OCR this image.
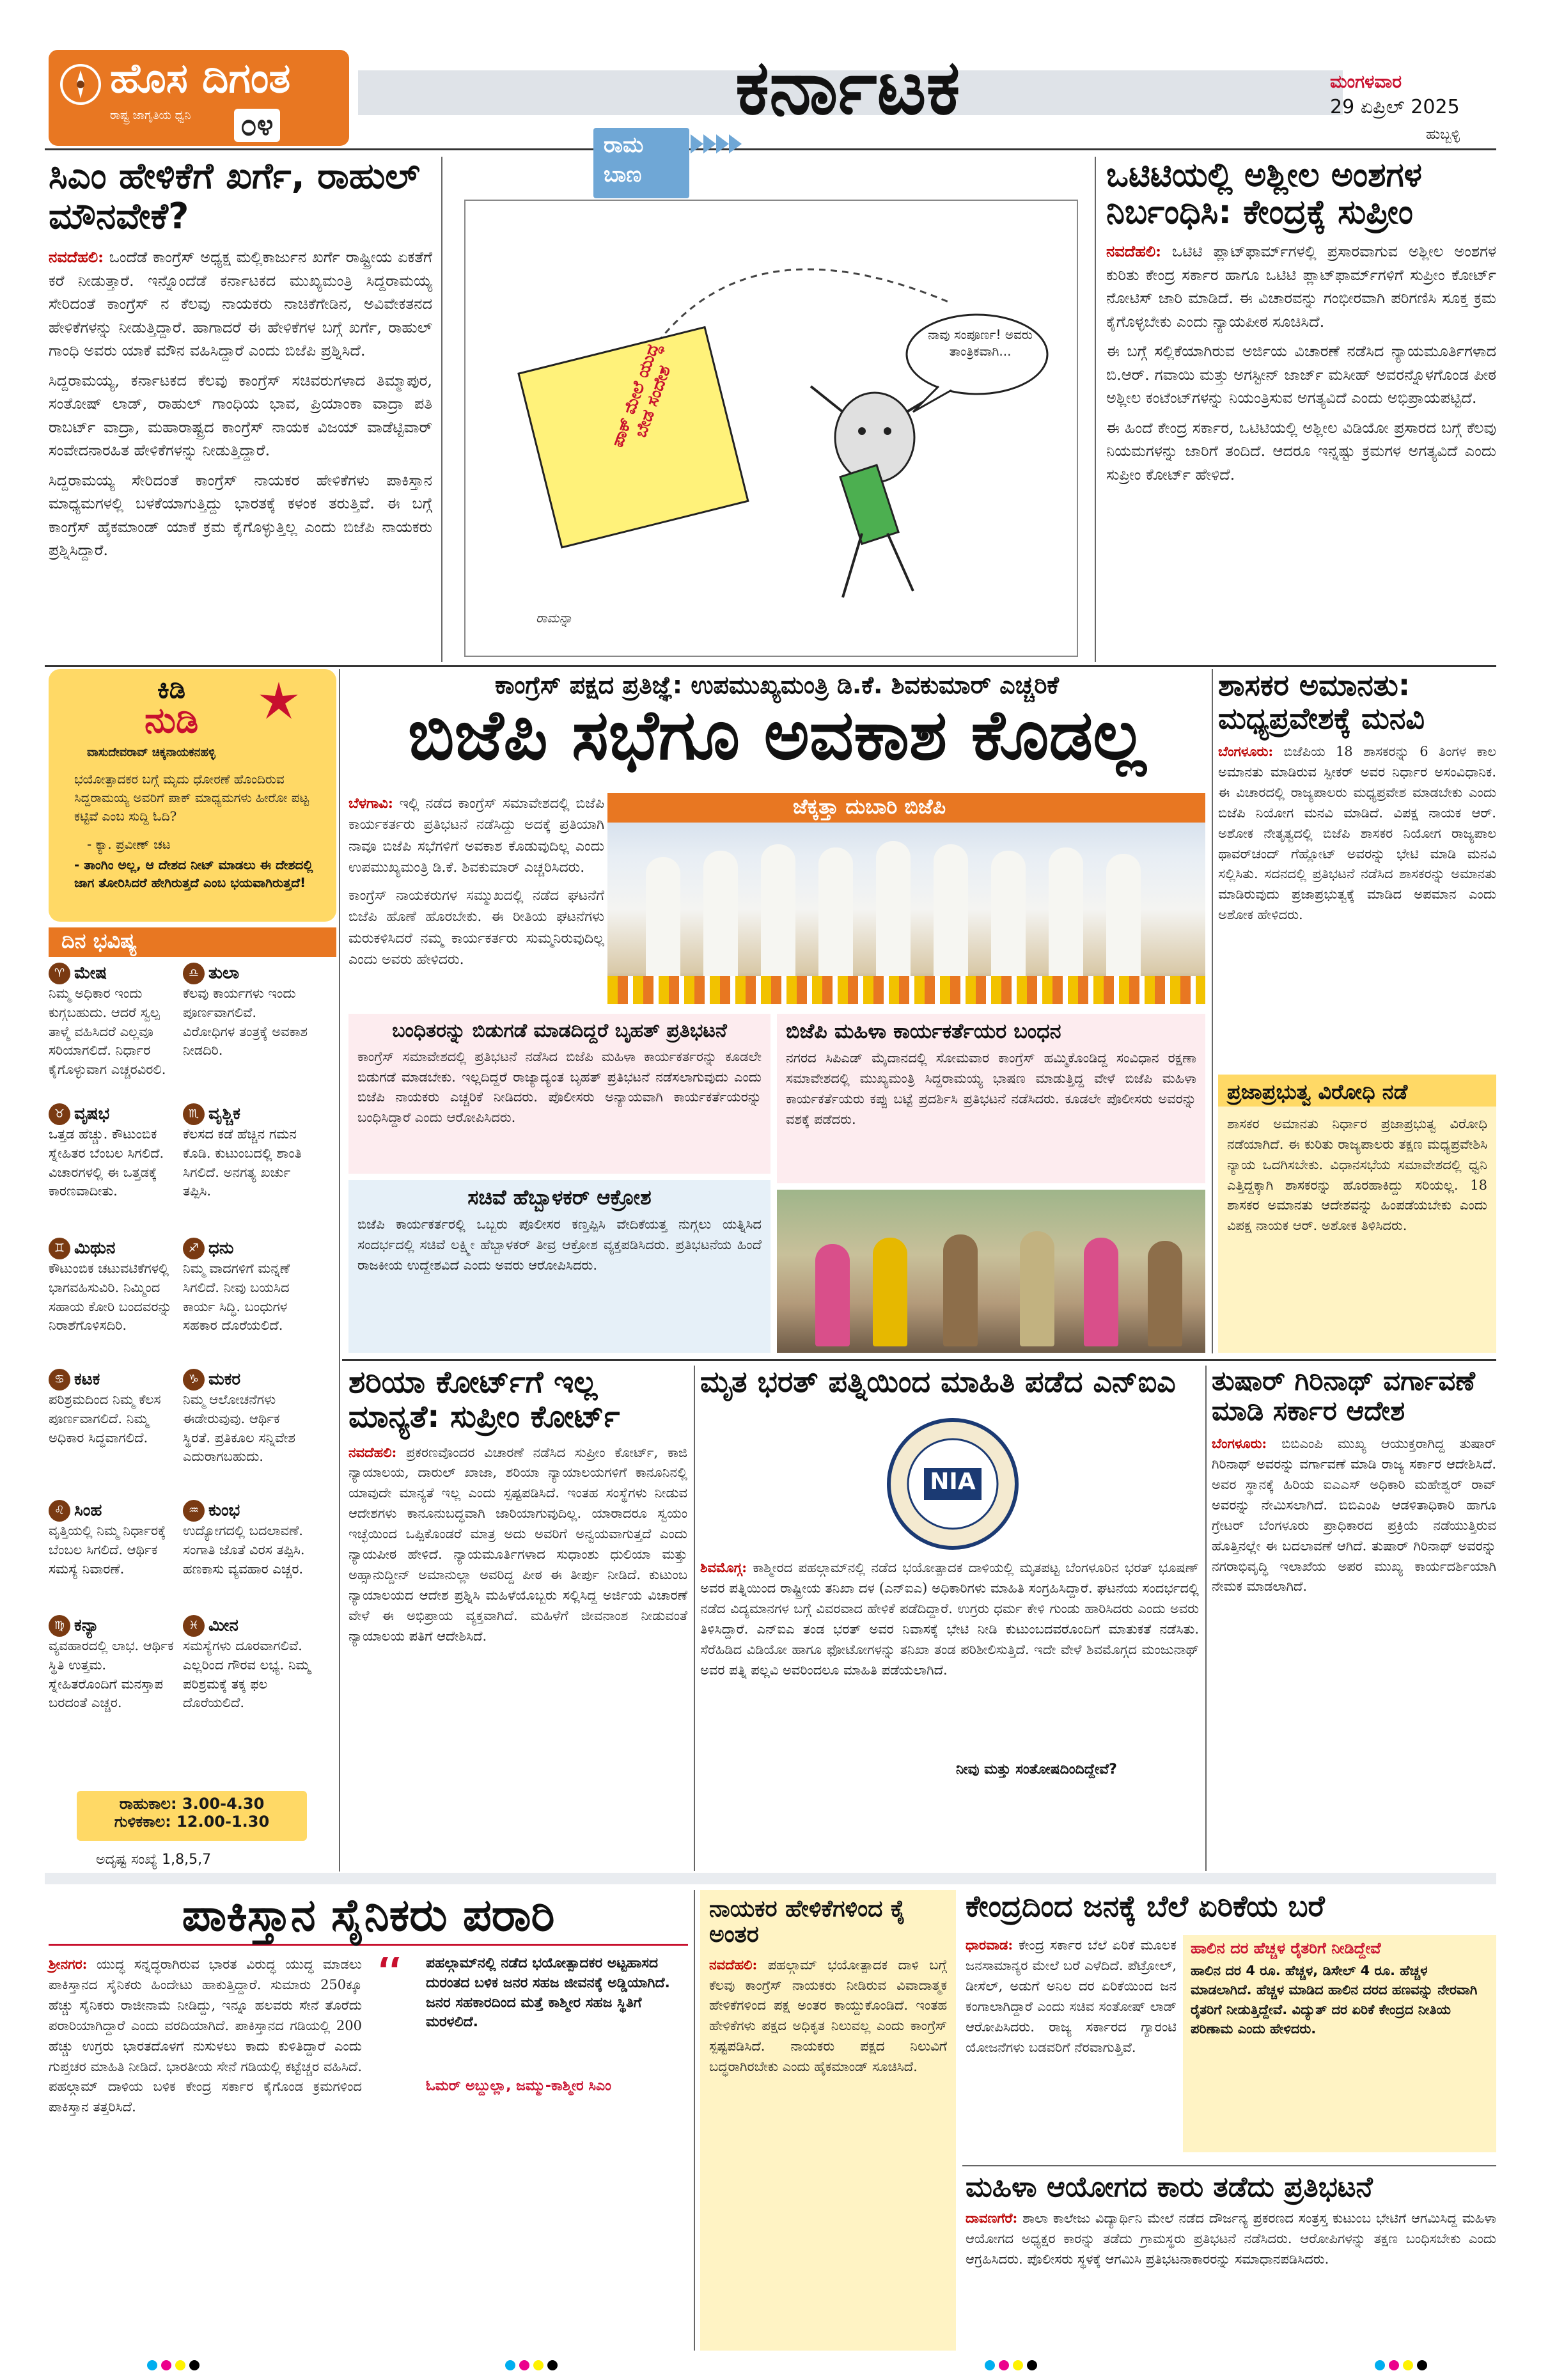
ಹೊಸ ದಿಗಂತ
ರಾಷ್ಟ್ರ ಜಾಗೃತಿಯ ಧ್ವನಿ ೦೪	ಕರ್ನಾಟಕ	ಮಂಗಳವಾರ
29 ಏಪ್ರಿಲ್ 2025
ಹುಬ್ಬಳ್ಳಿ
ಸಿಎಂ ಹೇಳಿಕೆಗೆ ಖರ್ಗೆ, ರಾಹುಲ್ ಮೌನವೇಕೆ?

ನವದೆಹಲಿ: ಒಂದೆಡೆ ಕಾಂಗ್ರೆಸ್ ಅಧ್ಯಕ್ಷ ಮಲ್ಲಿಕಾರ್ಜುನ ಖರ್ಗೆ ರಾಷ್ಟ್ರೀಯ ಏಕತೆಗೆ ಕರೆ ನೀಡುತ್ತಾರೆ. ಇನ್ನೊಂದೆಡೆ ಕರ್ನಾಟಕದ ಮುಖ್ಯಮಂತ್ರಿ ಸಿದ್ದರಾಮಯ್ಯ ಸೇರಿದಂತೆ ಕಾಂಗ್ರೆಸ್ ನ ಕೆಲವು ನಾಯಕರು ನಾಚಿಕೆಗೇಡಿನ, ಅವಿವೇಕತನದ ಹೇಳಿಕೆಗಳನ್ನು ನೀಡುತ್ತಿದ್ದಾರೆ. ಹಾಗಾದರೆ ಈ ಹೇಳಿಕೆಗಳ ಬಗ್ಗೆ ಖರ್ಗೆ, ರಾಹುಲ್ ಗಾಂಧಿ ಅವರು ಯಾಕೆ ಮೌನ ವಹಿಸಿದ್ದಾರೆ ಎಂದು ಬಿಜೆಪಿ ಪ್ರಶ್ನಿಸಿದೆ.

ಸಿದ್ದರಾಮಯ್ಯ, ಕರ್ನಾಟಕದ ಕೆಲವು ಕಾಂಗ್ರೆಸ್ ಸಚಿವರುಗಳಾದ ತಿಮ್ಮಾಪುರ, ಸಂತೋಷ್ ಲಾಡ್, ರಾಹುಲ್ ಗಾಂಧಿಯ ಭಾವ, ಪ್ರಿಯಾಂಕಾ ವಾದ್ರಾ ಪತಿ ರಾಬರ್ಟ್ ವಾದ್ರಾ, ಮಹಾರಾಷ್ಟ್ರದ ಕಾಂಗ್ರೆಸ್ ನಾಯಕ ವಿಜಯ್ ವಾಡೆಟ್ಟಿವಾರ್ ಸಂವೇದನಾರಹಿತ ಹೇಳಿಕೆಗಳನ್ನು ನೀಡುತ್ತಿದ್ದಾರೆ.

ಸಿದ್ದರಾಮಯ್ಯ ಸೇರಿದಂತೆ ಕಾಂಗ್ರೆಸ್ ನಾಯಕರ ಹೇಳಿಕೆಗಳು ಪಾಕಿಸ್ತಾನ ಮಾಧ್ಯಮಗಳಲ್ಲಿ ಬಳಕೆಯಾಗುತ್ತಿದ್ದು ಭಾರತಕ್ಕೆ ಕಳಂಕ ತರುತ್ತಿವೆ. ಈ ಬಗ್ಗೆ ಕಾಂಗ್ರೆಸ್ ಹೈಕಮಾಂಡ್ ಯಾಕೆ ಕ್ರಮ ಕೈಗೊಳ್ಳುತ್ತಿಲ್ಲ ಎಂದು ಬಿಜೆಪಿ ನಾಯಕರು ಪ್ರಶ್ನಿಸಿದ್ದಾರೆ.

ರಾಮ
ಬಾಣ
ಪಾಕ್ ಮೇಲೆ ಯುದ್ಧ ಬೇಡ ಸಂದೇಶ
ನಾವು ಸಂಪೂರ್ಣ! ಅವರು ತಾಂತ್ರಿಕವಾಗಿ...
ರಾಮನ್ನಾ
ಒಟಿಟಿಯಲ್ಲಿ ಅಶ್ಲೀಲ ಅಂಶಗಳ ನಿರ್ಬಂಧಿಸಿ: ಕೇಂದ್ರಕ್ಕೆ ಸುಪ್ರೀಂ

ನವದೆಹಲಿ: ಒಟಿಟಿ ಪ್ಲಾಟ್‌ಫಾರ್ಮ್‌ಗಳಲ್ಲಿ ಪ್ರಸಾರವಾಗುವ ಅಶ್ಲೀಲ ಅಂಶಗಳ ಕುರಿತು ಕೇಂದ್ರ ಸರ್ಕಾರ ಹಾಗೂ ಒಟಿಟಿ ಪ್ಲಾಟ್‌ಫಾರ್ಮ್‌ಗಳಿಗೆ ಸುಪ್ರೀಂ ಕೋರ್ಟ್ ನೋಟಿಸ್ ಜಾರಿ ಮಾಡಿದೆ. ಈ ವಿಚಾರವನ್ನು ಗಂಭೀರವಾಗಿ ಪರಿಗಣಿಸಿ ಸೂಕ್ತ ಕ್ರಮ ಕೈಗೊಳ್ಳಬೇಕು ಎಂದು ನ್ಯಾಯಪೀಠ ಸೂಚಿಸಿದೆ.

ಈ ಬಗ್ಗೆ ಸಲ್ಲಿಕೆಯಾಗಿರುವ ಅರ್ಜಿಯ ವಿಚಾರಣೆ ನಡೆಸಿದ ನ್ಯಾಯಮೂರ್ತಿಗಳಾದ ಬಿ.ಆರ್. ಗವಾಯಿ ಮತ್ತು ಅಗಸ್ಟೀನ್ ಜಾರ್ಜ್ ಮಸೀಹ್ ಅವರನ್ನೊಳಗೊಂಡ ಪೀಠ ಅಶ್ಲೀಲ ಕಂಟೆಂಟ್‌ಗಳನ್ನು ನಿಯಂತ್ರಿಸುವ ಅಗತ್ಯವಿದೆ ಎಂದು ಅಭಿಪ್ರಾಯಪಟ್ಟಿದೆ.

ಈ ಹಿಂದೆ ಕೇಂದ್ರ ಸರ್ಕಾರ, ಒಟಿಟಿಯಲ್ಲಿ ಅಶ್ಲೀಲ ವಿಡಿಯೋ ಪ್ರಸಾರದ ಬಗ್ಗೆ ಕೆಲವು ನಿಯಮಗಳನ್ನು ಜಾರಿಗೆ ತಂದಿದೆ. ಆದರೂ ಇನ್ನಷ್ಟು ಕ್ರಮಗಳ ಅಗತ್ಯವಿದೆ ಎಂದು ಸುಪ್ರೀಂ ಕೋರ್ಟ್ ಹೇಳಿದೆ.

ಕಿಡಿ
ನುಡಿ
ವಾಸುದೇವರಾವ್ ಚಿಕ್ಕನಾಯಕನಹಳ್ಳಿ
ಭಯೋತ್ಪಾದಕರ ಬಗ್ಗೆ ಮೃದು ಧೋರಣೆ ಹೊಂದಿರುವ ಸಿದ್ದರಾಮಯ್ಯ ಅವರಿಗೆ ಪಾಕ್ ಮಾಧ್ಯಮಗಳು ಹೀರೋ ಪಟ್ಟ ಕಟ್ಟಿವೆ ಎಂಬ ಸುದ್ದಿ ಓದಿ?
- ಕ್ಯಾ. ಪ್ರವೀಣ್ ಚಟ
- ತಾಂಗಿಂ ಅಲ್ಲ, ಆ ದೇಶದ ನೀಟ್ ಮಾಡಲು ಈ ದೇಶದಲ್ಲಿ ಜಾಗ ತೋರಿಸಿದರೆ ಹೇಗಿರುತ್ತದೆ ಎಂಬ ಭಯವಾಗಿರುತ್ತದೆ!
ದಿನ ಭವಿಷ್ಯ
♈ ಮೇಷ
ನಿಮ್ಮ ಅಧಿಕಾರ ಇಂದು ಕುಗ್ಗಬಹುದು. ಆದರೆ ಸ್ವಲ್ಪ ತಾಳ್ಮೆ ವಹಿಸಿದರೆ ಎಲ್ಲವೂ ಸರಿಯಾಗಲಿದೆ. ನಿರ್ಧಾರ ಕೈಗೊಳ್ಳುವಾಗ ಎಚ್ಚರವಿರಲಿ.
♎ ತುಲಾ
ಕೆಲವು ಕಾರ್ಯಗಳು ಇಂದು ಪೂರ್ಣವಾಗಲಿವೆ. ವಿರೋಧಿಗಳ ತಂತ್ರಕ್ಕೆ ಅವಕಾಶ ನೀಡದಿರಿ.
♉ ವೃಷಭ
ಒತ್ತಡ ಹೆಚ್ಚು. ಕೌಟುಂಬಿಕ ಸ್ನೇಹಿತರ ಬೆಂಬಲ ಸಿಗಲಿದೆ. ವಿಚಾರಗಳಲ್ಲಿ ಈ ಒತ್ತಡಕ್ಕೆ ಕಾರಣವಾದೀತು.
♏ ವೃಶ್ಚಿಕ
ಕೆಲಸದ ಕಡೆ ಹೆಚ್ಚಿನ ಗಮನ ಕೊಡಿ. ಕುಟುಂಬದಲ್ಲಿ ಶಾಂತಿ ಸಿಗಲಿದೆ. ಅನಗತ್ಯ ಖರ್ಚು ತಪ್ಪಿಸಿ.
♊ ಮಿಥುನ
ಕೌಟುಂಬಿಕ ಚಟುವಟಿಕೆಗಳಲ್ಲಿ ಭಾಗವಹಿಸುವಿರಿ. ನಿಮ್ಮಿಂದ ಸಹಾಯ ಕೋರಿ ಬಂದವರನ್ನು ನಿರಾಶೆಗೊಳಿಸದಿರಿ.
♐ ಧನು
ನಿಮ್ಮ ವಾದಗಳಿಗೆ ಮನ್ನಣೆ ಸಿಗಲಿದೆ. ನೀವು ಬಯಸಿದ ಕಾರ್ಯ ಸಿದ್ಧಿ. ಬಂಧುಗಳ ಸಹಕಾರ ದೊರೆಯಲಿದೆ.
♋ ಕಟಕ
ಪರಿಶ್ರಮದಿಂದ ನಿಮ್ಮ ಕೆಲಸ ಪೂರ್ಣವಾಗಲಿದೆ. ನಿಮ್ಮ ಅಧಿಕಾರ ಸಿದ್ಧವಾಗಲಿದೆ.
♑ ಮಕರ
ನಿಮ್ಮ ಆಲೋಚನೆಗಳು ಈಡೇರುವುವು. ಆರ್ಥಿಕ ಸ್ಥಿರತೆ. ಪ್ರತಿಕೂಲ ಸನ್ನಿವೇಶ ಎದುರಾಗಬಹುದು.
♌ ಸಿಂಹ
ವೃತ್ತಿಯಲ್ಲಿ ನಿಮ್ಮ ನಿರ್ಧಾರಕ್ಕೆ ಬೆಂಬಲ ಸಿಗಲಿದೆ. ಆರ್ಥಿಕ ಸಮಸ್ಯೆ ನಿವಾರಣೆ.
♒ ಕುಂಭ
ಉದ್ಯೋಗದಲ್ಲಿ ಬದಲಾವಣೆ. ಸಂಗಾತಿ ಜೊತೆ ವಿರಸ ತಪ್ಪಿಸಿ. ಹಣಕಾಸು ವ್ಯವಹಾರ ಎಚ್ಚರ.
♍ ಕನ್ಯಾ
ವ್ಯವಹಾರದಲ್ಲಿ ಲಾಭ. ಆರ್ಥಿಕ ಸ್ಥಿತಿ ಉತ್ತಮ. ಸ್ನೇಹಿತರೊಂದಿಗೆ ಮನಸ್ತಾಪ ಬರದಂತೆ ಎಚ್ಚರ.
♓ ಮೀನ
ಸಮಸ್ಯೆಗಳು ದೂರವಾಗಲಿವೆ. ಎಲ್ಲರಿಂದ ಗೌರವ ಲಭ್ಯ. ನಿಮ್ಮ ಪರಿಶ್ರಮಕ್ಕೆ ತಕ್ಕ ಫಲ ದೊರೆಯಲಿದೆ.
ರಾಹುಕಾಲ: 3.00-4.30
ಗುಳಿಕಕಾಲ: 12.00-1.30
ಅದೃಷ್ಟ ಸಂಖ್ಯೆ 1,8,5,7
ಕಾಂಗ್ರೆಸ್ ಪಕ್ಷದ ಪ್ರತಿಜ್ಞೆ: ಉಪಮುಖ್ಯಮಂತ್ರಿ ಡಿ.ಕೆ. ಶಿವಕುಮಾರ್ ಎಚ್ಚರಿಕೆ
ಬಿಜೆಪಿ ಸಭೆಗೂ ಅವಕಾಶ ಕೊಡಲ್ಲ

ಬೆಳಗಾವಿ: ಇಲ್ಲಿ ನಡೆದ ಕಾಂಗ್ರೆಸ್ ಸಮಾವೇಶದಲ್ಲಿ ಬಿಜೆಪಿ ಕಾರ್ಯಕರ್ತರು ಪ್ರತಿಭಟನೆ ನಡೆಸಿದ್ದು ಅದಕ್ಕೆ ಪ್ರತಿಯಾಗಿ ನಾವೂ ಬಿಜೆಪಿ ಸಭೆಗಳಿಗೆ ಅವಕಾಶ ಕೊಡುವುದಿಲ್ಲ ಎಂದು ಉಪಮುಖ್ಯಮಂತ್ರಿ ಡಿ.ಕೆ. ಶಿವಕುಮಾರ್ ಎಚ್ಚರಿಸಿದರು.

ಕಾಂಗ್ರೆಸ್ ನಾಯಕರುಗಳ ಸಮ್ಮುಖದಲ್ಲಿ ನಡೆದ ಘಟನೆಗೆ ಬಿಜೆಪಿ ಹೊಣೆ ಹೊರಬೇಕು. ಈ ರೀತಿಯ ಘಟನೆಗಳು ಮರುಕಳಿಸಿದರೆ ನಮ್ಮ ಕಾರ್ಯಕರ್ತರು ಸುಮ್ಮನಿರುವುದಿಲ್ಲ ಎಂದು ಅವರು ಹೇಳಿದರು.

ಜೆಕ್ಕತ್ತಾ ದುಬಾರಿ ಬಿಜೆಪಿ
ಬಂಧಿತರನ್ನು ಬಿಡುಗಡೆ ಮಾಡದಿದ್ದರೆ ಬೃಹತ್ ಪ್ರತಿಭಟನೆ
ಕಾಂಗ್ರೆಸ್ ಸಮಾವೇಶದಲ್ಲಿ ಪ್ರತಿಭಟನೆ ನಡೆಸಿದ ಬಿಜೆಪಿ ಮಹಿಳಾ ಕಾರ್ಯಕರ್ತರನ್ನು ಕೂಡಲೇ ಬಿಡುಗಡೆ ಮಾಡಬೇಕು. ಇಲ್ಲದಿದ್ದರೆ ರಾಜ್ಯಾದ್ಯಂತ ಬೃಹತ್ ಪ್ರತಿಭಟನೆ ನಡೆಸಲಾಗುವುದು ಎಂದು ಬಿಜೆಪಿ ನಾಯಕರು ಎಚ್ಚರಿಕೆ ನೀಡಿದರು. ಪೊಲೀಸರು ಅನ್ಯಾಯವಾಗಿ ಕಾರ್ಯಕರ್ತೆಯರನ್ನು ಬಂಧಿಸಿದ್ದಾರೆ ಎಂದು ಆರೋಪಿಸಿದರು.
ಬಿಜೆಪಿ ಮಹಿಳಾ ಕಾರ್ಯಕರ್ತೆಯರ ಬಂಧನ
ನಗರದ ಸಿಪಿಎಡ್ ಮೈದಾನದಲ್ಲಿ ಸೋಮವಾರ ಕಾಂಗ್ರೆಸ್ ಹಮ್ಮಿಕೊಂಡಿದ್ದ ಸಂವಿಧಾನ ರಕ್ಷಣಾ ಸಮಾವೇಶದಲ್ಲಿ ಮುಖ್ಯಮಂತ್ರಿ ಸಿದ್ದರಾಮಯ್ಯ ಭಾಷಣ ಮಾಡುತ್ತಿದ್ದ ವೇಳೆ ಬಿಜೆಪಿ ಮಹಿಳಾ ಕಾರ್ಯಕರ್ತೆಯರು ಕಪ್ಪು ಬಟ್ಟೆ ಪ್ರದರ್ಶಿಸಿ ಪ್ರತಿಭಟನೆ ನಡೆಸಿದರು. ಕೂಡಲೇ ಪೊಲೀಸರು ಅವರನ್ನು ವಶಕ್ಕೆ ಪಡೆದರು.
ಸಚಿವೆ ಹೆಬ್ಬಾಳಕರ್ ಆಕ್ರೋಶ
ಬಿಜೆಪಿ ಕಾರ್ಯಕರ್ತರಲ್ಲಿ ಒಬ್ಬರು ಪೊಲೀಸರ ಕಣ್ತಪ್ಪಿಸಿ ವೇದಿಕೆಯತ್ತ ನುಗ್ಗಲು ಯತ್ನಿಸಿದ ಸಂದರ್ಭದಲ್ಲಿ ಸಚಿವೆ ಲಕ್ಷ್ಮೀ ಹೆಬ್ಬಾಳಕರ್ ತೀವ್ರ ಆಕ್ರೋಶ ವ್ಯಕ್ತಪಡಿಸಿದರು. ಪ್ರತಿಭಟನೆಯ ಹಿಂದೆ ರಾಜಕೀಯ ಉದ್ದೇಶವಿದೆ ಎಂದು ಅವರು ಆರೋಪಿಸಿದರು.
ಶಾಸಕರ ಅಮಾನತು: ಮಧ್ಯಪ್ರವೇಶಕ್ಕೆ ಮನವಿ
ಬೆಂಗಳೂರು: ಬಿಜೆಪಿಯ 18 ಶಾಸಕರನ್ನು 6 ತಿಂಗಳ ಕಾಲ ಅಮಾನತು ಮಾಡಿರುವ ಸ್ಪೀಕರ್ ಅವರ ನಿರ್ಧಾರ ಅಸಂವಿಧಾನಿಕ. ಈ ವಿಚಾರದಲ್ಲಿ ರಾಜ್ಯಪಾಲರು ಮಧ್ಯಪ್ರವೇಶ ಮಾಡಬೇಕು ಎಂದು ಬಿಜೆಪಿ ನಿಯೋಗ ಮನವಿ ಮಾಡಿದೆ. ವಿಪಕ್ಷ ನಾಯಕ ಆರ್. ಅಶೋಕ ನೇತೃತ್ವದಲ್ಲಿ ಬಿಜೆಪಿ ಶಾಸಕರ ನಿಯೋಗ ರಾಜ್ಯಪಾಲ ಥಾವರ್‌ಚಂದ್ ಗೆಹ್ಲೋಟ್ ಅವರನ್ನು ಭೇಟಿ ಮಾಡಿ ಮನವಿ ಸಲ್ಲಿಸಿತು. ಸದನದಲ್ಲಿ ಪ್ರತಿಭಟನೆ ನಡೆಸಿದ ಶಾಸಕರನ್ನು ಅಮಾನತು ಮಾಡಿರುವುದು ಪ್ರಜಾಪ್ರಭುತ್ವಕ್ಕೆ ಮಾಡಿದ ಅಪಮಾನ ಎಂದು ಅಶೋಕ ಹೇಳಿದರು.
ಪ್ರಜಾಪ್ರಭುತ್ವ ವಿರೋಧಿ ನಡೆ
ಶಾಸಕರ ಅಮಾನತು ನಿರ್ಧಾರ ಪ್ರಜಾಪ್ರಭುತ್ವ ವಿರೋಧಿ ನಡೆಯಾಗಿದೆ. ಈ ಕುರಿತು ರಾಜ್ಯಪಾಲರು ತಕ್ಷಣ ಮಧ್ಯಪ್ರವೇಶಿಸಿ ನ್ಯಾಯ ಒದಗಿಸಬೇಕು. ವಿಧಾನಸಭೆಯ ಸಮಾವೇಶದಲ್ಲಿ ಧ್ವನಿ ಎತ್ತಿದ್ದಕ್ಕಾಗಿ ಶಾಸಕರನ್ನು ಹೊರಹಾಕಿದ್ದು ಸರಿಯಲ್ಲ. 18 ಶಾಸಕರ ಅಮಾನತು ಆದೇಶವನ್ನು ಹಿಂಪಡೆಯಬೇಕು ಎಂದು ವಿಪಕ್ಷ ನಾಯಕ ಆರ್. ಅಶೋಕ ತಿಳಿಸಿದರು.
ಶರಿಯಾ ಕೋರ್ಟ್‌ಗೆ ಇಲ್ಲ ಮಾನ್ಯತೆ: ಸುಪ್ರೀಂ ಕೋರ್ಟ್
ನವದೆಹಲಿ: ಪ್ರಕರಣವೊಂದರ ವಿಚಾರಣೆ ನಡೆಸಿದ ಸುಪ್ರೀಂ ಕೋರ್ಟ್, ಕಾಜಿ ನ್ಯಾಯಾಲಯ, ದಾರುಲ್ ಖಾಜಾ, ಶರಿಯಾ ನ್ಯಾಯಾಲಯಗಳಿಗೆ ಕಾನೂನಿನಲ್ಲಿ ಯಾವುದೇ ಮಾನ್ಯತೆ ಇಲ್ಲ ಎಂದು ಸ್ಪಷ್ಟಪಡಿಸಿದೆ. ಇಂತಹ ಸಂಸ್ಥೆಗಳು ನೀಡುವ ಆದೇಶಗಳು ಕಾನೂನುಬದ್ಧವಾಗಿ ಜಾರಿಯಾಗುವುದಿಲ್ಲ. ಯಾರಾದರೂ ಸ್ವಯಂ ಇಚ್ಛೆಯಿಂದ ಒಪ್ಪಿಕೊಂಡರೆ ಮಾತ್ರ ಅದು ಅವರಿಗೆ ಅನ್ವಯವಾಗುತ್ತದೆ ಎಂದು ನ್ಯಾಯಪೀಠ ಹೇಳಿದೆ. ನ್ಯಾಯಮೂರ್ತಿಗಳಾದ ಸುಧಾಂಶು ಧುಲಿಯಾ ಮತ್ತು ಅಹ್ಸಾನುದ್ದೀನ್ ಅಮಾನುಲ್ಲಾ ಅವರಿದ್ದ ಪೀಠ ಈ ತೀರ್ಪು ನೀಡಿದೆ. ಕುಟುಂಬ ನ್ಯಾಯಾಲಯದ ಆದೇಶ ಪ್ರಶ್ನಿಸಿ ಮಹಿಳೆಯೊಬ್ಬರು ಸಲ್ಲಿಸಿದ್ದ ಅರ್ಜಿಯ ವಿಚಾರಣೆ ವೇಳೆ ಈ ಅಭಿಪ್ರಾಯ ವ್ಯಕ್ತವಾಗಿದೆ. ಮಹಿಳೆಗೆ ಜೀವನಾಂಶ ನೀಡುವಂತೆ ನ್ಯಾಯಾಲಯ ಪತಿಗೆ ಆದೇಶಿಸಿದೆ.
ಮೃತ ಭರತ್ ಪತ್ನಿಯಿಂದ ಮಾಹಿತಿ ಪಡೆದ ಎನ್‌ಐಎ
NIA
ಶಿವಮೊಗ್ಗ: ಕಾಶ್ಮೀರದ ಪಹಲ್ಗಾಮ್‌ನಲ್ಲಿ ನಡೆದ ಭಯೋತ್ಪಾದಕ ದಾಳಿಯಲ್ಲಿ ಮೃತಪಟ್ಟ ಬೆಂಗಳೂರಿನ ಭರತ್ ಭೂಷಣ್ ಅವರ ಪತ್ನಿಯಿಂದ ರಾಷ್ಟ್ರೀಯ ತನಿಖಾ ದಳ (ಎನ್‌ಐಎ) ಅಧಿಕಾರಿಗಳು ಮಾಹಿತಿ ಸಂಗ್ರಹಿಸಿದ್ದಾರೆ. ಘಟನೆಯ ಸಂದರ್ಭದಲ್ಲಿ ನಡೆದ ವಿದ್ಯಮಾನಗಳ ಬಗ್ಗೆ ವಿವರವಾದ ಹೇಳಿಕೆ ಪಡೆದಿದ್ದಾರೆ. ಉಗ್ರರು ಧರ್ಮ ಕೇಳಿ ಗುಂಡು ಹಾರಿಸಿದರು ಎಂದು ಅವರು ತಿಳಿಸಿದ್ದಾರೆ. ಎನ್‌ಐಎ ತಂಡ ಭರತ್ ಅವರ ನಿವಾಸಕ್ಕೆ ಭೇಟಿ ನೀಡಿ ಕುಟುಂಬದವರೊಂದಿಗೆ ಮಾತುಕತೆ ನಡೆಸಿತು. ಸೆರೆಹಿಡಿದ ವಿಡಿಯೋ ಹಾಗೂ ಫೋಟೋಗಳನ್ನು ತನಿಖಾ ತಂಡ ಪರಿಶೀಲಿಸುತ್ತಿದೆ. ಇದೇ ವೇಳೆ ಶಿವಮೊಗ್ಗದ ಮಂಜುನಾಥ್ ಅವರ ಪತ್ನಿ ಪಲ್ಲವಿ ಅವರಿಂದಲೂ ಮಾಹಿತಿ ಪಡೆಯಲಾಗಿದೆ.
ನೀವು ಮತ್ತು ಸಂತೋಷದಿಂದಿದ್ದೇವೆ?
ತುಷಾರ್ ಗಿರಿನಾಥ್ ವರ್ಗಾವಣೆ ಮಾಡಿ ಸರ್ಕಾರ ಆದೇಶ
ಬೆಂಗಳೂರು: ಬಿಬಿಎಂಪಿ ಮುಖ್ಯ ಆಯುಕ್ತರಾಗಿದ್ದ ತುಷಾರ್ ಗಿರಿನಾಥ್ ಅವರನ್ನು ವರ್ಗಾವಣೆ ಮಾಡಿ ರಾಜ್ಯ ಸರ್ಕಾರ ಆದೇಶಿಸಿದೆ. ಅವರ ಸ್ಥಾನಕ್ಕೆ ಹಿರಿಯ ಐಎಎಸ್ ಅಧಿಕಾರಿ ಮಹೇಶ್ವರ್ ರಾವ್ ಅವರನ್ನು ನೇಮಿಸಲಾಗಿದೆ. ಬಿಬಿಎಂಪಿ ಆಡಳಿತಾಧಿಕಾರಿ ಹಾಗೂ ಗ್ರೇಟರ್ ಬೆಂಗಳೂರು ಪ್ರಾಧಿಕಾರದ ಪ್ರಕ್ರಿಯೆ ನಡೆಯುತ್ತಿರುವ ಹೊತ್ತಿನಲ್ಲೇ ಈ ಬದಲಾವಣೆ ಆಗಿದೆ. ತುಷಾರ್ ಗಿರಿನಾಥ್ ಅವರನ್ನು ನಗರಾಭಿವೃದ್ಧಿ ಇಲಾಖೆಯ ಅಪರ ಮುಖ್ಯ ಕಾರ್ಯದರ್ಶಿಯಾಗಿ ನೇಮಕ ಮಾಡಲಾಗಿದೆ.
ಪಾಕಿಸ್ತಾನ ಸೈನಿಕರು ಪರಾರಿ
ಶ್ರೀನಗರ: ಯುದ್ಧ ಸನ್ನದ್ಧರಾಗಿರುವ ಭಾರತ ವಿರುದ್ಧ ಯುದ್ಧ ಮಾಡಲು ಪಾಕಿಸ್ತಾನದ ಸೈನಿಕರು ಹಿಂದೇಟು ಹಾಕುತ್ತಿದ್ದಾರೆ. ಸುಮಾರು 250ಕ್ಕೂ ಹೆಚ್ಚು ಸೈನಿಕರು ರಾಜೀನಾಮೆ ನೀಡಿದ್ದು, ಇನ್ನೂ ಹಲವರು ಸೇನೆ ತೊರೆದು ಪರಾರಿಯಾಗಿದ್ದಾರೆ ಎಂದು ವರದಿಯಾಗಿದೆ. ಪಾಕಿಸ್ತಾನದ ಗಡಿಯಲ್ಲಿ 200 ಹೆಚ್ಚು ಉಗ್ರರು ಭಾರತದೊಳಗೆ ನುಸುಳಲು ಕಾದು ಕುಳಿತಿದ್ದಾರೆ ಎಂದು ಗುಪ್ತಚರ ಮಾಹಿತಿ ನೀಡಿದೆ. ಭಾರತೀಯ ಸೇನೆ ಗಡಿಯಲ್ಲಿ ಕಟ್ಟೆಚ್ಚರ ವಹಿಸಿದೆ. ಪಹಲ್ಗಾಮ್ ದಾಳಿಯ ಬಳಿಕ ಕೇಂದ್ರ ಸರ್ಕಾರ ಕೈಗೊಂಡ ಕ್ರಮಗಳಿಂದ ಪಾಕಿಸ್ತಾನ ತತ್ತರಿಸಿದೆ.
“ ಪಹಲ್ಗಾಮ್‌ನಲ್ಲಿ ನಡೆದ ಭಯೋತ್ಪಾದಕರ ಅಟ್ಟಹಾಸದ ದುರಂತದ ಬಳಿಕ ಜನರ ಸಹಜ ಜೀವನಕ್ಕೆ ಅಡ್ಡಿಯಾಗಿದೆ. ಜನರ ಸಹಕಾರದಿಂದ ಮತ್ತೆ ಕಾಶ್ಮೀರ ಸಹಜ ಸ್ಥಿತಿಗೆ ಮರಳಲಿದೆ.
ಓಮರ್ ಅಬ್ದುಲ್ಲಾ, ಜಮ್ಮು-ಕಾಶ್ಮೀರ ಸಿಎಂ
ನಾಯಕರ ಹೇಳಿಕೆಗಳಿಂದ ಕೈ ಅಂತರ
ನವದೆಹಲಿ: ಪಹಲ್ಗಾಮ್ ಭಯೋತ್ಪಾದಕ ದಾಳಿ ಬಗ್ಗೆ ಕೆಲವು ಕಾಂಗ್ರೆಸ್ ನಾಯಕರು ನೀಡಿರುವ ವಿವಾದಾತ್ಮಕ ಹೇಳಿಕೆಗಳಿಂದ ಪಕ್ಷ ಅಂತರ ಕಾಯ್ದುಕೊಂಡಿದೆ. ಇಂತಹ ಹೇಳಿಕೆಗಳು ಪಕ್ಷದ ಅಧಿಕೃತ ನಿಲುವಲ್ಲ ಎಂದು ಕಾಂಗ್ರೆಸ್ ಸ್ಪಷ್ಟಪಡಿಸಿದೆ. ನಾಯಕರು ಪಕ್ಷದ ನಿಲುವಿಗೆ ಬದ್ಧರಾಗಿರಬೇಕು ಎಂದು ಹೈಕಮಾಂಡ್ ಸೂಚಿಸಿದೆ.
ಕೇಂದ್ರದಿಂದ ಜನಕ್ಕೆ ಬೆಲೆ ಏರಿಕೆಯ ಬರೆ
ಧಾರವಾಡ: ಕೇಂದ್ರ ಸರ್ಕಾರ ಬೆಲೆ ಏರಿಕೆ ಮೂಲಕ ಜನಸಾಮಾನ್ಯರ ಮೇಲೆ ಬರೆ ಎಳೆದಿದೆ. ಪೆಟ್ರೋಲ್, ಡೀಸೆಲ್, ಅಡುಗೆ ಅನಿಲ ದರ ಏರಿಕೆಯಿಂದ ಜನ ಕಂಗಾಲಾಗಿದ್ದಾರೆ ಎಂದು ಸಚಿವ ಸಂತೋಷ್ ಲಾಡ್ ಆರೋಪಿಸಿದರು. ರಾಜ್ಯ ಸರ್ಕಾರದ ಗ್ಯಾರಂಟಿ ಯೋಜನೆಗಳು ಬಡವರಿಗೆ ನೆರವಾಗುತ್ತಿವೆ.
ಹಾಲಿನ ದರ ಹೆಚ್ಚಳ ರೈತರಿಗೆ ನೀಡಿದ್ದೇವೆ
ಹಾಲಿನ ದರ 4 ರೂ. ಹೆಚ್ಚಳ, ಡಿಸೇಲ್ 4 ರೂ. ಹೆಚ್ಚಳ ಮಾಡಲಾಗಿದೆ. ಹೆಚ್ಚಳ ಮಾಡಿದ ಹಾಲಿನ ದರದ ಹಣವನ್ನು ನೇರವಾಗಿ ರೈತರಿಗೆ ನೀಡುತ್ತಿದ್ದೇವೆ. ವಿದ್ಯುತ್ ದರ ಏರಿಕೆ ಕೇಂದ್ರದ ನೀತಿಯ ಪರಿಣಾಮ ಎಂದು ಹೇಳಿದರು.
ಮಹಿಳಾ ಆಯೋಗದ ಕಾರು ತಡೆದು ಪ್ರತಿಭಟನೆ
ದಾವಣಗೆರೆ: ಶಾಲಾ ಕಾಲೇಜು ವಿದ್ಯಾರ್ಥಿನಿ ಮೇಲೆ ನಡೆದ ದೌರ್ಜನ್ಯ ಪ್ರಕರಣದ ಸಂತ್ರಸ್ತ ಕುಟುಂಬ ಭೇಟಿಗೆ ಆಗಮಿಸಿದ್ದ ಮಹಿಳಾ ಆಯೋಗದ ಅಧ್ಯಕ್ಷರ ಕಾರನ್ನು ತಡೆದು ಗ್ರಾಮಸ್ಥರು ಪ್ರತಿಭಟನೆ ನಡೆಸಿದರು. ಆರೋಪಿಗಳನ್ನು ತಕ್ಷಣ ಬಂಧಿಸಬೇಕು ಎಂದು ಆಗ್ರಹಿಸಿದರು. ಪೊಲೀಸರು ಸ್ಥಳಕ್ಕೆ ಆಗಮಿಸಿ ಪ್ರತಿಭಟನಾಕಾರರನ್ನು ಸಮಾಧಾನಪಡಿಸಿದರು.
